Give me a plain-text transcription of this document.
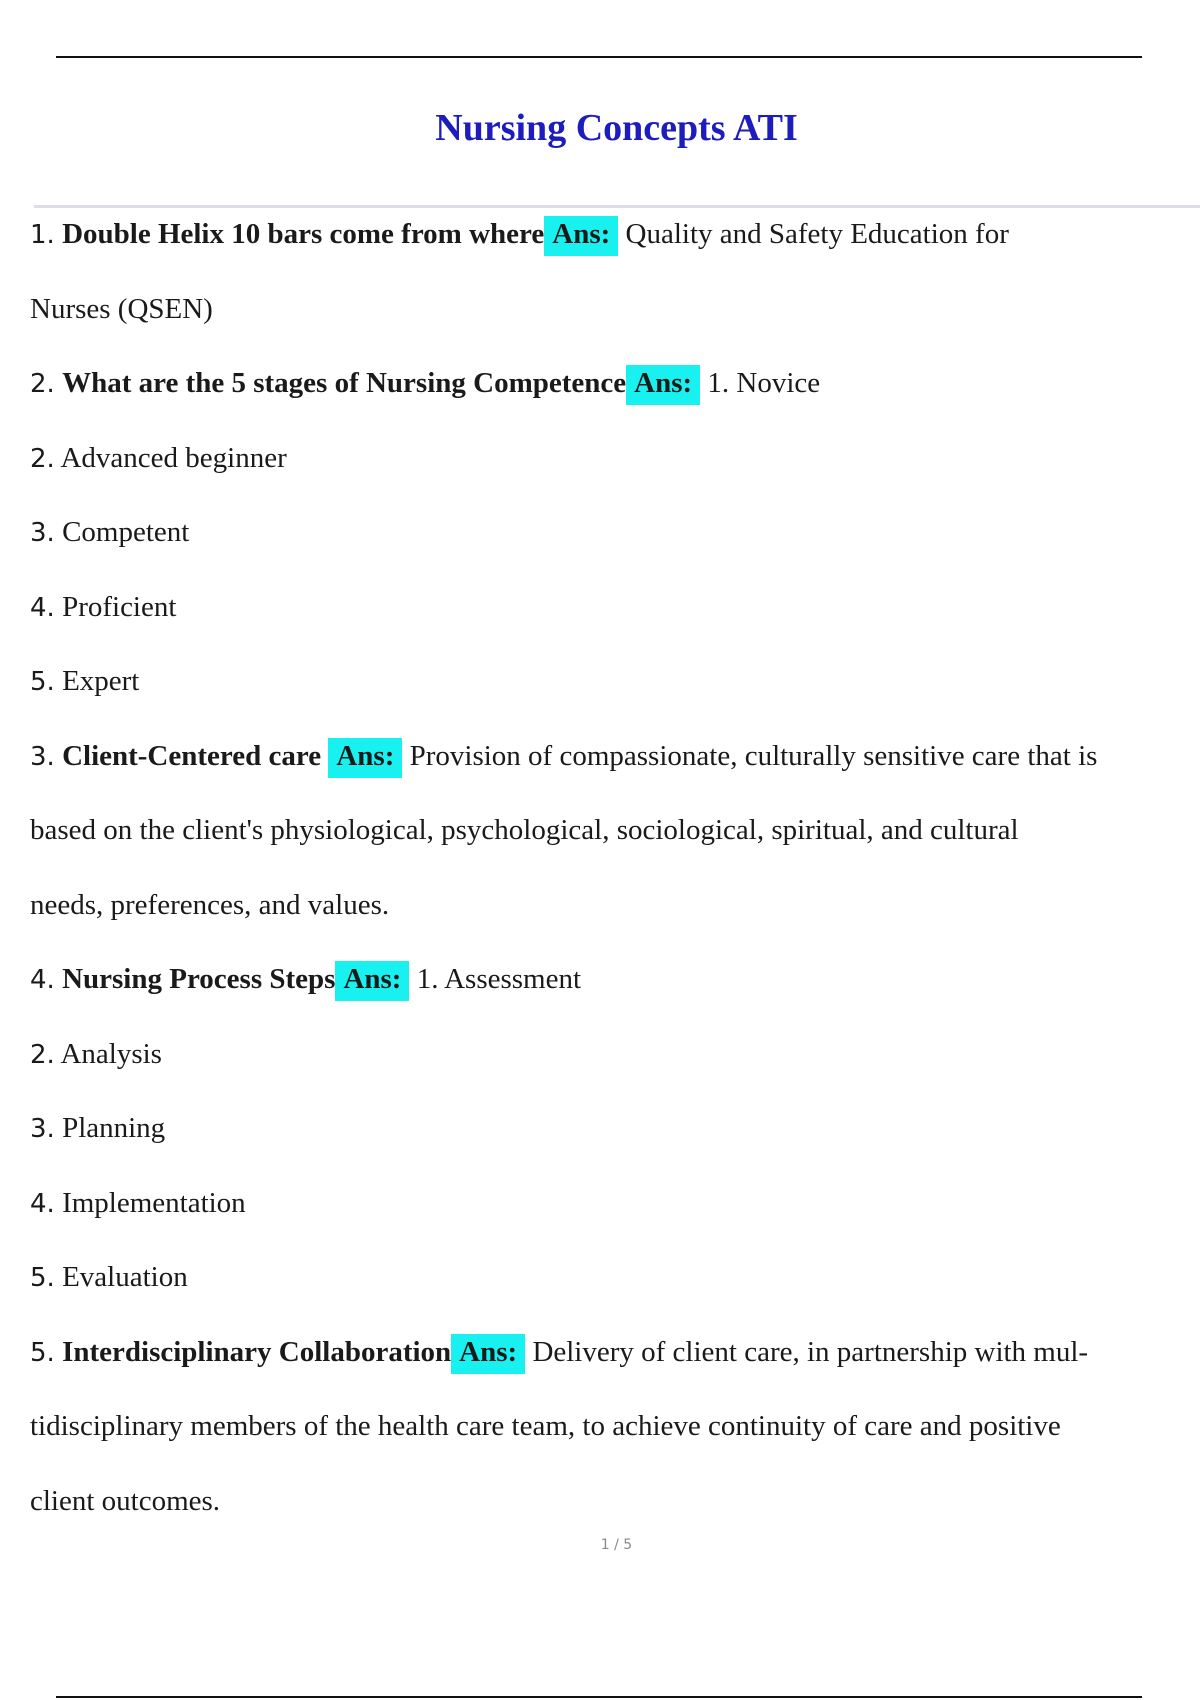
Nursing Concepts ATI
1. Double Helix 10 bars come from where Ans: Quality and Safety Education for
Nurses (QSEN)
2. What are the 5 stages of Nursing Competence Ans: 1. Novice
2. Advanced beginner
3. Competent
4. Proficient
5. Expert
3. Client-Centered care Ans: Provision of compassionate, culturally sensitive care that is
based on the client's physiological, psychological, sociological, spiritual, and cultural
needs, preferences, and values.
4. Nursing Process Steps Ans: 1. Assessment
2. Analysis
3. Planning
4. Implementation
5. Evaluation
5. Interdisciplinary Collaboration Ans: Delivery of client care, in partnership with mul-
tidisciplinary members of the health care team, to achieve continuity of care and positive
client outcomes.
1 / 5
